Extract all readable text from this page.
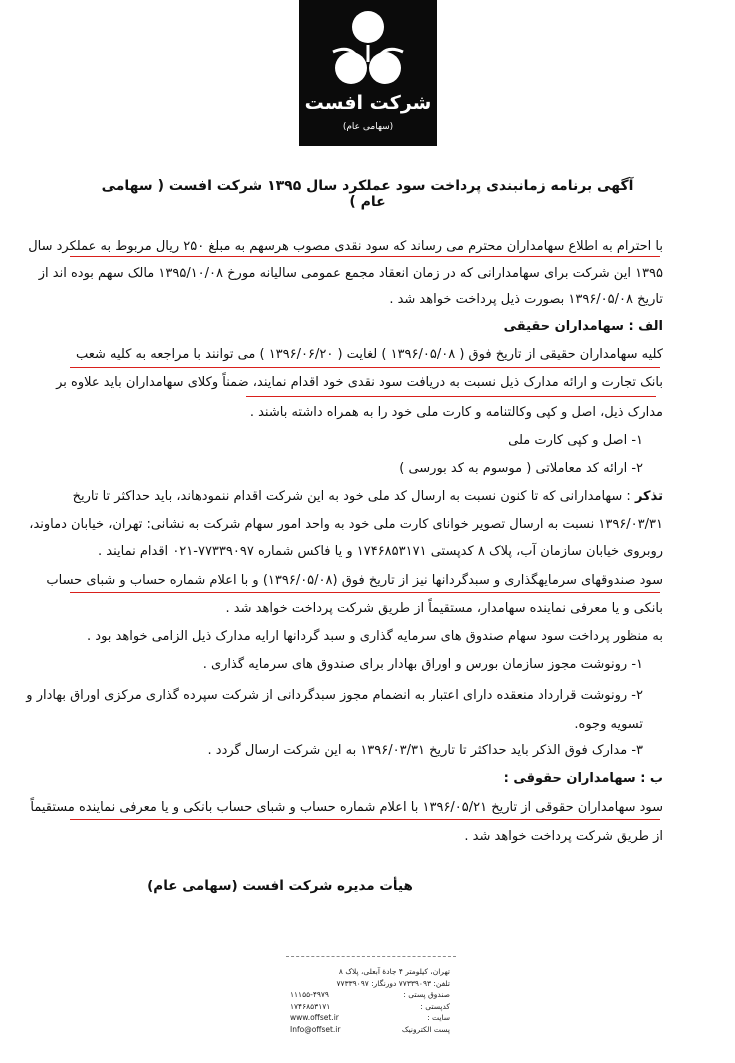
شرکت افست
(سهامی عام)
آگهی برنامه زمانبندی پرداخت سود عملکرد سال ۱۳۹۵ شرکت افست ( سهامی عام )
با احترام به اطلاع سهامداران محترم می رساند که سود نقدی مصوب هرسهم به مبلغ ۲۵۰ ریال مربوط به عملکرد سال
۱۳۹۵ این شرکت برای سهامدارانی که در زمان انعقاد مجمع عمومی سالیانه مورخ ۱۳۹۵/۱۰/۰۸ مالک سهم بوده اند از
تاریخ ۱۳۹۶/۰۵/۰۸ بصورت ذیل پرداخت خواهد شد .
الف : سهامداران حقیقی
کلیه سهامداران حقیقی از تاریخ فوق ( ۱۳۹۶/۰۵/۰۸ ) لغایت ( ۱۳۹۶/۰۶/۲۰ ) می توانند با مراجعه به کلیه شعب
بانک تجارت و ارائه مدارک ذیل نسبت به دریافت سود نقدی خود اقدام نمایند، ضمناً وکلای سهامداران باید علاوه بر
مدارک ذیل، اصل و کپی وکالتنامه و کارت ملی خود را به همراه داشته باشند .
۱- اصل و کپی کارت ملی
۲- ارائه کد معاملاتی ( موسوم به کد بورسی )
تذکر : سهامدارانی که تا کنون نسبت به ارسال کد ملی خود به این شرکت اقدام ننمودهاند، باید حداکثر تا تاریخ
۱۳۹۶/۰۳/۳۱ نسبت به ارسال تصویر خوانای کارت ملی خود به واحد امور سهام شرکت به نشانی: تهران، خیابان دماوند،
روبروی خیابان سازمان آب، پلاک ۸ کدپستی ۱۷۴۶۸۵۳۱۷۱ و یا فاکس شماره ۷۷۳۳۹۰۹۷-۰۲۱ اقدام نمایند .
سود صندوقهای سرمایهگذاری و سبدگردانها نیز از تاریخ فوق (۱۳۹۶/۰۵/۰۸) و با اعلام شماره حساب و شبای حساب
بانکی و یا معرفی نماینده سهامدار، مستقیماً از طریق شرکت پرداخت خواهد شد .
به منظور پرداخت سود سهام صندوق های سرمایه گذاری و سبد گردانها ارایه مدارک ذیل الزامی خواهد بود .
۱- رونوشت مجوز سازمان بورس و اوراق بهادار برای صندوق های سرمایه گذاری .
۲- رونوشت قرارداد منعقده دارای اعتبار به انضمام مجوز سبدگردانی از شرکت سپرده گذاری مرکزی اوراق بهادار و
تسویه وجوه.
۳- مدارک فوق الذکر باید حداکثر تا تاریخ ۱۳۹۶/۰۳/۳۱ به این شرکت ارسال گردد .
ب : سهامداران حقوقی :
سود سهامداران حقوقی از تاریخ ۱۳۹۶/۰۵/۲۱ با اعلام شماره حساب و شبای حساب بانکی و یا معرفی نماینده مستقیماً
از طریق شرکت پرداخت خواهد شد .
هیأت مدیره شرکت افست (سهامی عام)
تهران، کیلومتر ۴ جاده‌ٔ آبعلی، پلاک ۸
تلفن: ۷۷۳۳۹۰۹۳ دورنگار: ۷۷۳۳۹۰۹۷
صندوق پستی :
۱۱۱۵۵-۴۹۷۹
کدپستی :
۱۷۴۶۸۵۳۱۷۱
سایت :
www.offset.ir
پست الکترونیک
Info@offset.ir
